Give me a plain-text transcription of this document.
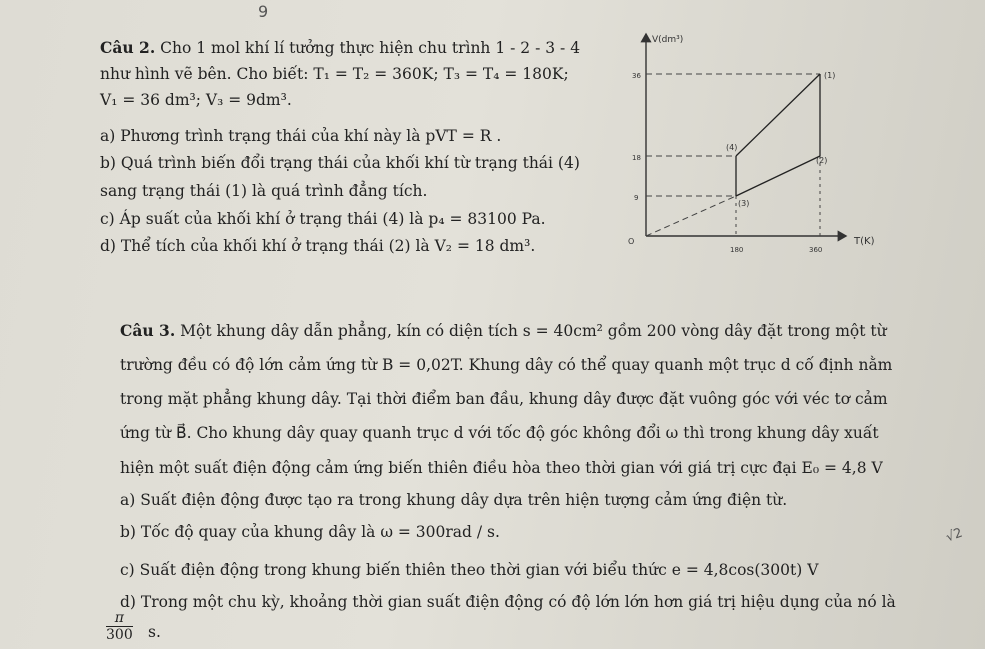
9
Câu 2. Cho 1 mol khí lí tưởng thực hiện chu trình 1 - 2 - 3 - 4
như hình vẽ bên. Cho biết: T₁ = T₂ = 360K; T₃ = T₄ = 180K;
V₁ = 36 dm³; V₃ = 9dm³.
a) Phương trình trạng thái của khí này là pVT = R .
b) Quá trình biến đổi trạng thái của khối khí từ trạng thái (4)
sang trạng thái (1) là quá trình đẳng tích.
c) Áp suất của khối khí ở trạng thái (4) là p₄ = 83100 Pa.
d) Thể tích của khối khí ở trạng thái (2) là V₂ = 18 dm³.
V(dm³)
T(K)
O
36
18
9
180	360
(1)
(2)
(3)
(4)
Câu 3. Một khung dây dẫn phẳng, kín có diện tích s = 40cm² gồm 200 vòng dây đặt trong một từ
trường đều có độ lớn cảm ứng từ B = 0,02T. Khung dây có thể quay quanh một trục d cố định nằm
trong mặt phẳng khung dây. Tại thời điểm ban đầu, khung dây được đặt vuông góc với véc tơ cảm
ứng từ B⃗. Cho khung dây quay quanh trục d với tốc độ góc không đổi ω thì trong khung dây xuất
hiện một suất điện động cảm ứng biến thiên điều hòa theo thời gian với giá trị cực đại E₀ = 4,8 V
a) Suất điện động được tạo ra trong khung dây dựa trên hiện tượng cảm ứng điện từ.
b) Tốc độ quay của khung dây là ω = 300rad / s.
c) Suất điện động trong khung biến thiên theo thời gian với biểu thức e = 4,8cos(300t) V
d) Trong một chu kỳ, khoảng thời gian suất điện động có độ lớn lớn hơn giá trị hiệu dụng của nó là
$\frac{\pi}{300} s$.
√2
